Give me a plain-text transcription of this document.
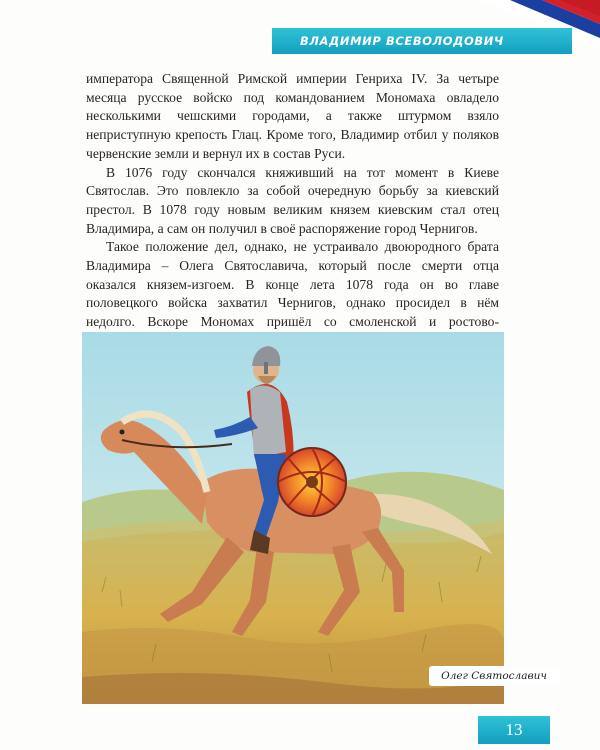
ВЛАДИМИР ВСЕВОЛОДОВИЧ

императора Священной Римской империи Генриха IV. За четыре месяца русское войско под командованием Мономаха овладело несколькими чешскими городами, а также штурмом взяло неприступную крепость Глац. Кроме того, Владимир отбил у поляков червенские земли и вернул их в состав Руси.

В 1076 году скончался княживший на тот момент в Киеве Святослав. Это повлекло за собой очередную борьбу за киевский престол. В 1078 году новым великим князем киевским стал отец Владимира, а сам он получил в своё распоряжение город Чернигов.

Такое положение дел, однако, не устраивало двоюродного брата Владимира – Олега Святославича, который после смерти отца оказался князем-изгоем. В конце лета 1078 года он во главе половецкого войска захватил Чернигов, однако просидел в нём недолго. Вскоре Мономах пришёл со смоленской и ростово-

Олег Святославич
13
